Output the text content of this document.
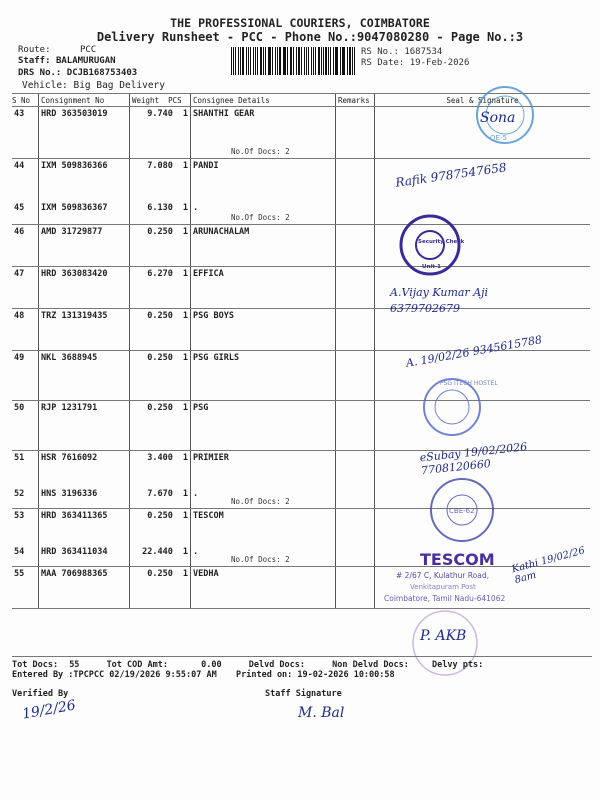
THE PROFESSIONAL COURIERS, COIMBATORE
Delivery Runsheet - PCC - Phone No.:9047080280 - Page No.:3
Route:	PCC
Staff: BALAMURUGAN
DRS No.: DCJB168753403
Vehicle: Big Bag Delivery
RS No.: 1687534
RS Date: 19-Feb-2026
S No	Consignment No	Weight PCS	Consignee Details	Remarks	Seal & Signature
43	HRD 363503019	9.740 1	SHANTHI GEAR
No.Of Docs: 2		

44	IXM 509836366	7.080 1	PANDI		
45	IXM 509836367	6.130 1	.
No.Of Docs: 2		

46	AMD 31729877	0.250 1	ARUNACHALAM		
47	HRD 363083420	6.270 1	EFFICA		
48	TRZ 131319435	0.250 1	PSG BOYS		
49	NKL 3688945	0.250 1	PSG GIRLS		
50	RJP 1231791	0.250 1	PSG		
51	HSR 7616092	3.400 1	PRIMIER		
52	HNS 3196336	7.670 1	.
No.Of Docs: 2		

53	HRD 363411365	0.250 1	TESCOM		
54	HRD 363411034	22.440 1	.
No.Of Docs: 2		

55	MAA 706988365	0.250 1	VEDHA		
OE-5
Security Check
Unit-1
PSG ITECH HOSTEL
CBE-62
TESCOM
# 2/67 C, Kulathur Road,
Venkitapuram Post
Coimbatore, Tamil Nadu-641062
Sona
Rafik 9787547658
A.Vijay Kumar Aji 6379702679
A. 19/02/26 9345615788
eSubay 19/02/2026 7708120660
Kathi 19/02/26 8am
P. AKB
Tot Docs: 55	Tot COD Amt:	0.00	Delvd Docs:	Non Delvd Docs:	Delvy pts:
Entered By :TPCPCC 02/19/2026 9:55:07 AM Printed on: 19-02-2026 10:00:58
Verified By
19/2/26
Staff Signature
M. Bal
